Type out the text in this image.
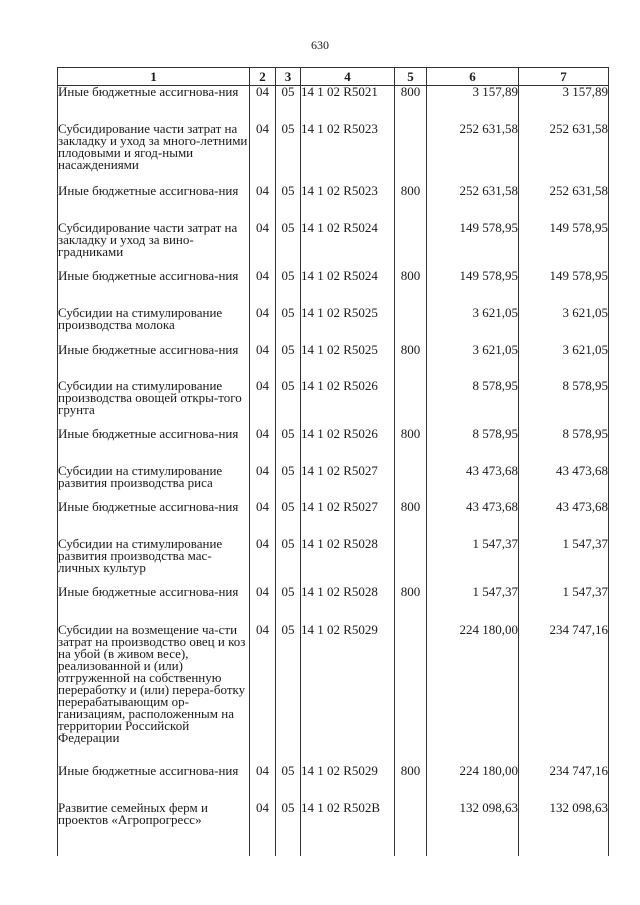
630
1	2	3	4	5	6	7
Иные бюджетные ассигнова-ния	04	05	14 1 02 R5021	800	3 157,89	3 157,89
Субсидирование части затрат на закладку и уход за много-летними плодовыми и ягод-ными насаждениями	04	05	14 1 02 R5023		252 631,58	252 631,58
Иные бюджетные ассигнова-ния	04	05	14 1 02 R5023	800	252 631,58	252 631,58
Субсидирование части затрат на закладку и уход за вино-градниками	04	05	14 1 02 R5024		149 578,95	149 578,95
Иные бюджетные ассигнова-ния	04	05	14 1 02 R5024	800	149 578,95	149 578,95
Субсидии на стимулирование производства молока	04	05	14 1 02 R5025		3 621,05	3 621,05
Иные бюджетные ассигнова-ния	04	05	14 1 02 R5025	800	3 621,05	3 621,05
Субсидии на стимулирование производства овощей откры-того грунта	04	05	14 1 02 R5026		8 578,95	8 578,95
Иные бюджетные ассигнова-ния	04	05	14 1 02 R5026	800	8 578,95	8 578,95
Субсидии на стимулирование развития производства риса	04	05	14 1 02 R5027		43 473,68	43 473,68
Иные бюджетные ассигнова-ния	04	05	14 1 02 R5027	800	43 473,68	43 473,68
Субсидии на стимулирование развития производства мас-личных культур	04	05	14 1 02 R5028		1 547,37	1 547,37
Иные бюджетные ассигнова-ния	04	05	14 1 02 R5028	800	1 547,37	1 547,37
Субсидии на возмещение ча-сти затрат на производство овец и коз на убой (в живом весе), реализованной и (или) отгруженной на собственную переработку и (или) перера-ботку перерабатывающим ор-ганизациям, расположенным на территории Российской Федерации	04	05	14 1 02 R5029		224 180,00	234 747,16
Иные бюджетные ассигнова-ния	04	05	14 1 02 R5029	800	224 180,00	234 747,16
Развитие семейных ферм и проектов «Агропрогресс»	04	05	14 1 02 R502B		132 098,63	132 098,63
